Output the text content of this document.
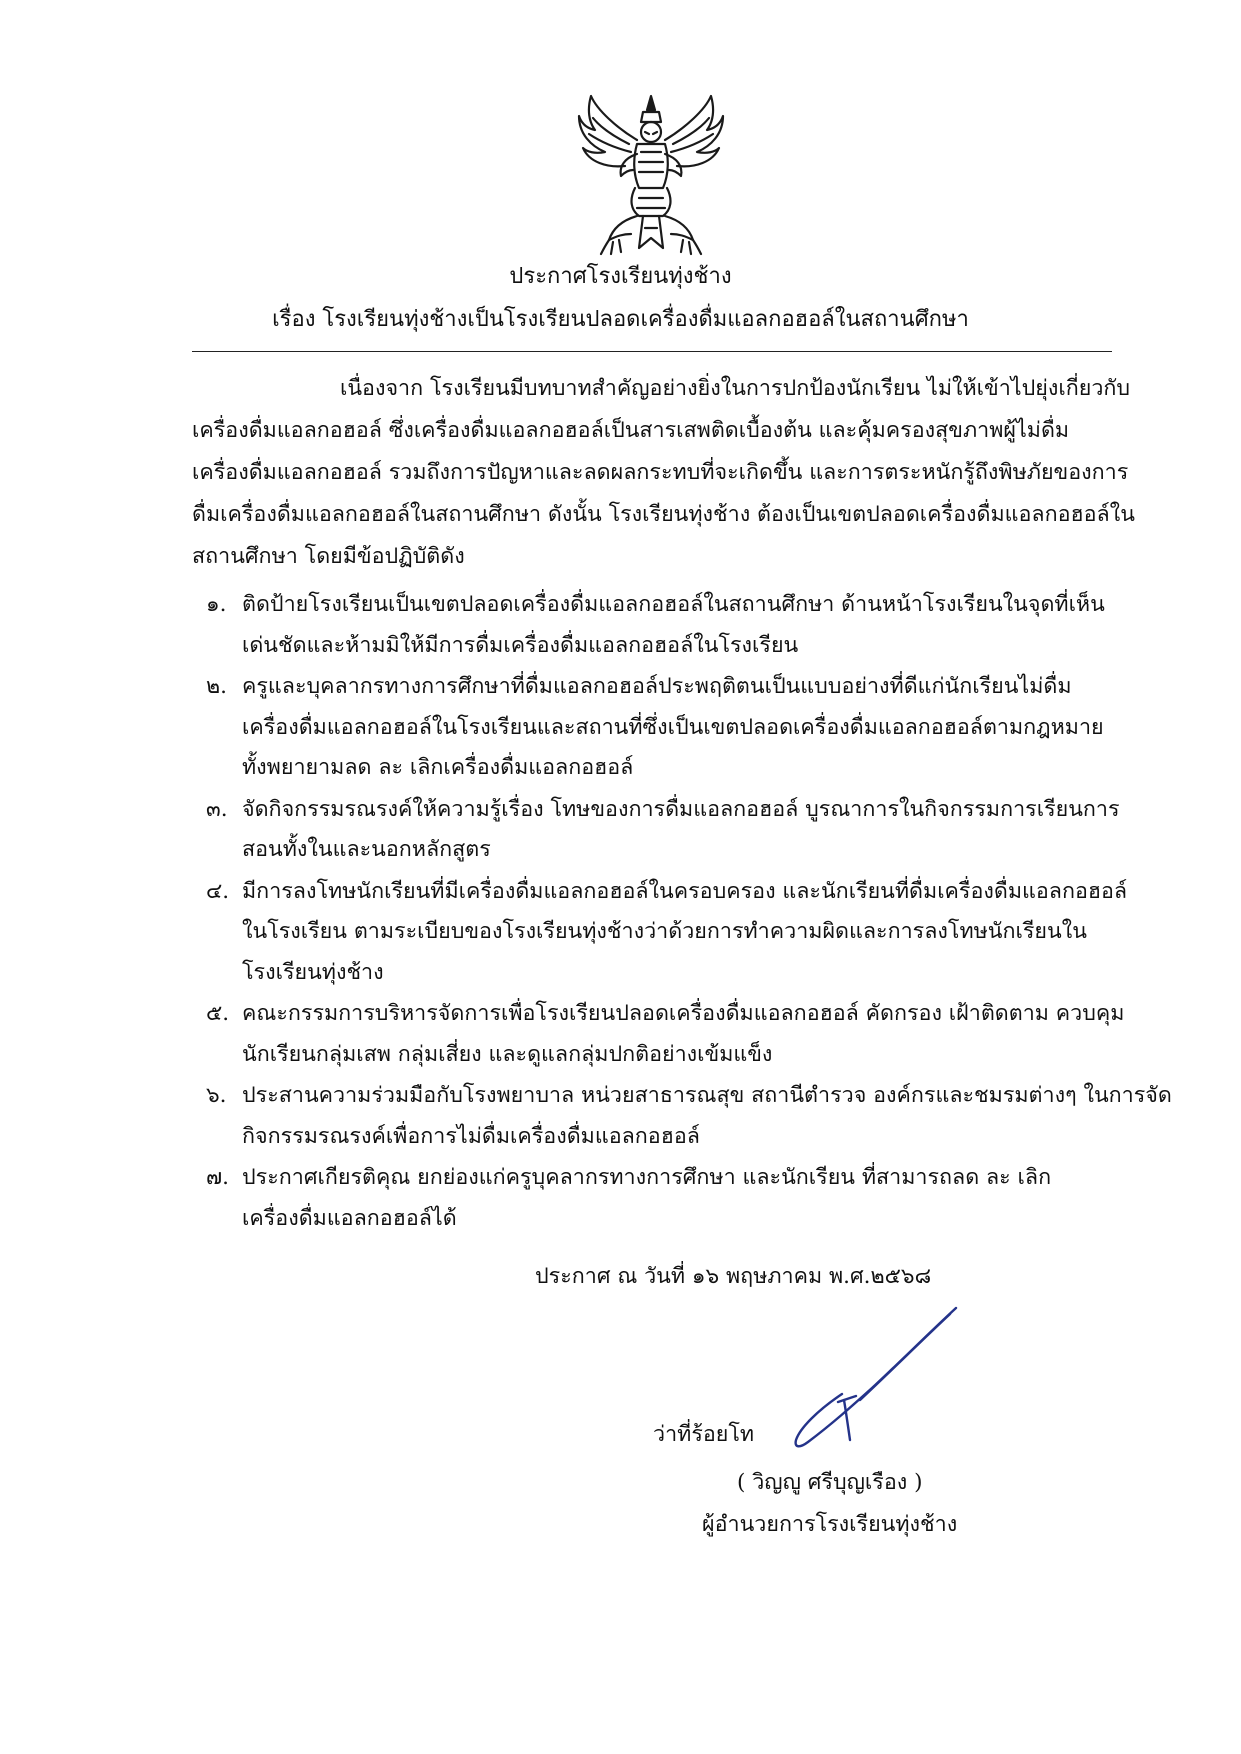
ประกาศโรงเรียนทุ่งช้าง
เรื่อง โรงเรียนทุ่งช้างเป็นโรงเรียนปลอดเครื่องดื่มแอลกอฮอล์ในสถานศึกษา
เนื่องจาก โรงเรียนมีบทบาทสำคัญอย่างยิ่งในการปกป้องนักเรียน ไม่ให้เข้าไปยุ่งเกี่ยวกับ
เครื่องดื่มแอลกอฮอล์ ซึ่งเครื่องดื่มแอลกอฮอล์เป็นสารเสพติดเบื้องต้น และคุ้มครองสุขภาพผู้ไม่ดื่ม
เครื่องดื่มแอลกอฮอล์ รวมถึงการปัญหาและลดผลกระทบที่จะเกิดขึ้น และการตระหนักรู้ถึงพิษภัยของการ
ดื่มเครื่องดื่มแอลกอฮอล์ในสถานศึกษา ดังนั้น โรงเรียนทุ่งช้าง ต้องเป็นเขตปลอดเครื่องดื่มแอลกอฮอล์ใน
สถานศึกษา โดยมีข้อปฏิบัติดัง
๑. ติดป้ายโรงเรียนเป็นเขตปลอดเครื่องดื่มแอลกอฮอล์ในสถานศึกษา ด้านหน้าโรงเรียนในจุดที่เห็น
เด่นชัดและห้ามมิให้มีการดื่มเครื่องดื่มแอลกอฮอล์ในโรงเรียน
๒. ครูและบุคลากรทางการศึกษาที่ดื่มแอลกอฮอล์ประพฤติตนเป็นแบบอย่างที่ดีแก่นักเรียนไม่ดื่ม
เครื่องดื่มแอลกอฮอล์ในโรงเรียนและสถานที่ซึ่งเป็นเขตปลอดเครื่องดื่มแอลกอฮอล์ตามกฎหมาย
ทั้งพยายามลด ละ เลิกเครื่องดื่มแอลกอฮอล์
๓. จัดกิจกรรมรณรงค์ให้ความรู้เรื่อง โทษของการดื่มแอลกอฮอล์ บูรณาการในกิจกรรมการเรียนการ
สอนทั้งในและนอกหลักสูตร
๔. มีการลงโทษนักเรียนที่มีเครื่องดื่มแอลกอฮอล์ในครอบครอง และนักเรียนที่ดื่มเครื่องดื่มแอลกอฮอล์
ในโรงเรียน ตามระเบียบของโรงเรียนทุ่งช้างว่าด้วยการทำความผิดและการลงโทษนักเรียนใน
โรงเรียนทุ่งช้าง
๕. คณะกรรมการบริหารจัดการเพื่อโรงเรียนปลอดเครื่องดื่มแอลกอฮอล์ คัดกรอง เฝ้าติดตาม ควบคุม
นักเรียนกลุ่มเสพ กลุ่มเสี่ยง และดูแลกลุ่มปกติอย่างเข้มแข็ง
๖. ประสานความร่วมมือกับโรงพยาบาล หน่วยสาธารณสุข สถานีตำรวจ องค์กรและชมรมต่างๆ ในการจัด
กิจกรรมรณรงค์เพื่อการไม่ดื่มเครื่องดื่มแอลกอฮอล์
๗. ประกาศเกียรติคุณ ยกย่องแก่ครูบุคลากรทางการศึกษา และนักเรียน ที่สามารถลด ละ เลิก
เครื่องดื่มแอลกอฮอล์ได้
ประกาศ ณ วันที่ ๑๖ พฤษภาคม พ.ศ.๒๕๖๘
ว่าที่ร้อยโท
( วิญญู ศรีบุญเรือง )
ผู้อำนวยการโรงเรียนทุ่งช้าง
